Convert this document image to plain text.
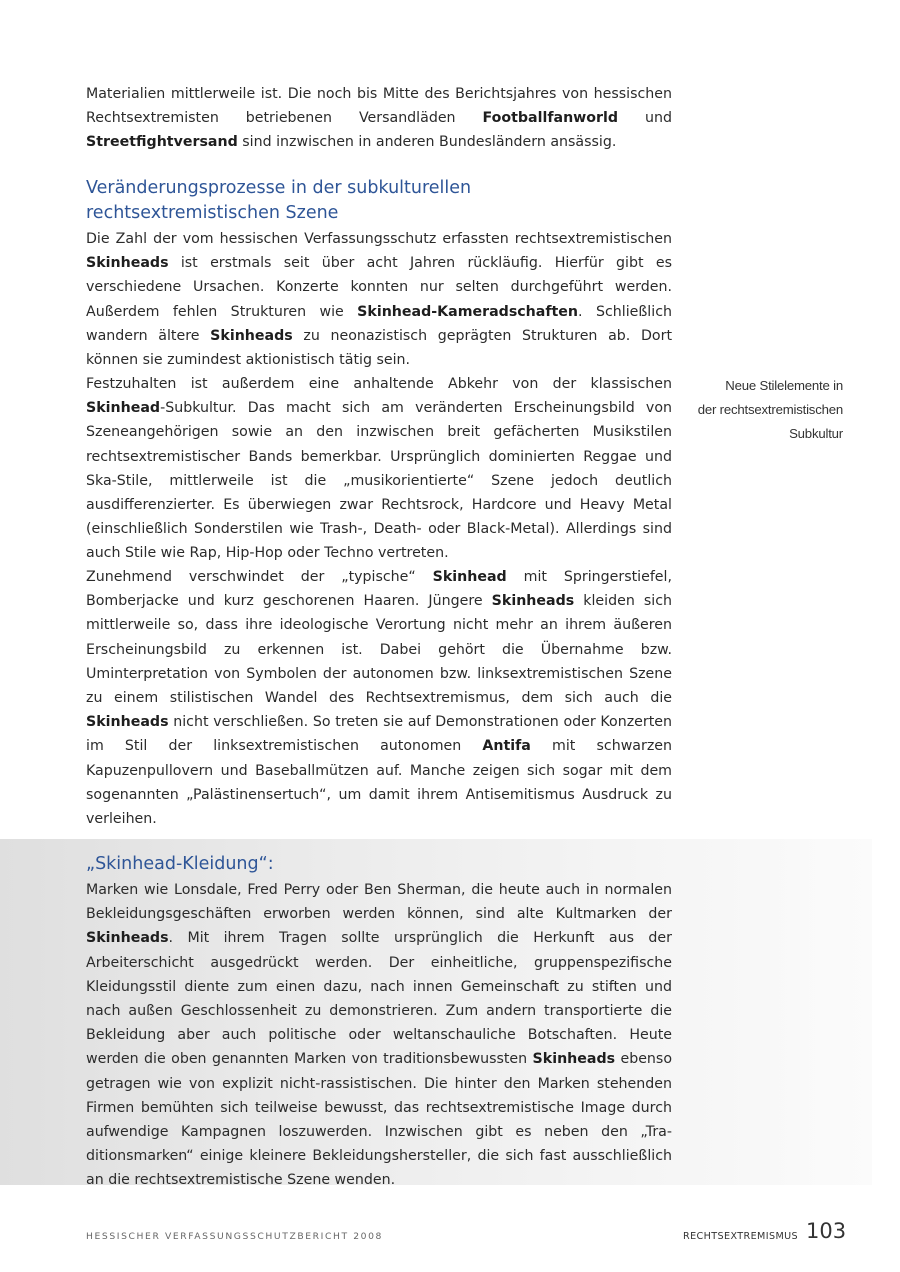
Materialien mittlerweile ist. Die noch bis Mitte des Berichtsjahres von hessischen Rechtsextremisten betriebenen Versandläden Footballfanworld und Streetfightversand sind inzwischen in anderen Bundesländern ansässig.

Veränderungsprozesse in der subkulturellen
rechtsextremistischen Szene

Die Zahl der vom hessischen Verfassungsschutz erfassten rechtsextremistischen Skinheads ist erstmals seit über acht Jahren rückläufig. Hierfür gibt es verschiedene Ursachen. Konzerte konnten nur selten durchgeführt werden. Außerdem fehlen Strukturen wie Skinhead-Kameradschaften. Schließlich wandern ältere Skinheads zu neonazistisch geprägten Strukturen ab. Dort können sie zumindest aktionistisch tätig sein.

Festzuhalten ist außerdem eine anhaltende Abkehr von der klassischen Skinhead-Subkultur. Das macht sich am veränderten Erscheinungsbild von Szeneangehörigen sowie an den inzwischen breit gefächerten Musikstilen rechtsextremistischer Bands bemerkbar. Ursprünglich dominierten Reggae und Ska-Stile, mittlerweile ist die „musikorientierte“ Szene jedoch deutlich ausdifferenzierter. Es überwiegen zwar Rechtsrock, Hardcore und Heavy Metal (einschließlich Sonderstilen wie Trash-, Death- oder Black-Metal). Allerdings sind auch Stile wie Rap, Hip-Hop oder Techno vertreten.

Neue Stilelemente in
der rechtsextremistischen
Subkultur

Zunehmend verschwindet der „typische“ Skinhead mit Springerstiefel, Bomberjacke und kurz geschorenen Haaren. Jüngere Skinheads kleiden sich mittlerweile so, dass ihre ideologische Verortung nicht mehr an ihrem äußeren Erscheinungsbild zu erkennen ist. Dabei gehört die Übernahme bzw. Uminterpretation von Symbolen der autonomen bzw. linksextremistischen Szene zu einem stilistischen Wandel des Rechtsextremismus, dem sich auch die Skinheads nicht verschließen. So treten sie auf Demonstrationen oder Konzerten im Stil der linksextremistischen autonomen Antifa mit schwarzen Kapuzenpullovern und Baseballmützen auf. Manche zeigen sich sogar mit dem sogenannten „Palästinensertuch“, um damit ihrem Antisemitismus Ausdruck zu verleihen.

„Skinhead-Kleidung“:

Marken wie Lonsdale, Fred Perry oder Ben Sherman, die heute auch in normalen Bekleidungsgeschäften erworben werden können, sind alte Kultmarken der Skinheads. Mit ihrem Tragen sollte ursprünglich die Herkunft aus der Arbeiterschicht ausgedrückt werden. Der einheitliche, gruppenspezifische Kleidungsstil diente zum einen dazu, nach innen Gemeinschaft zu stiften und nach außen Geschlossenheit zu demonstrieren. Zum andern transportierte die Bekleidung aber auch politische oder weltanschauliche Botschaften. Heute werden die oben genannten Marken von traditionsbewussten Skinheads ebenso getragen wie von explizit nicht-rassistischen. Die hinter den Marken stehenden Firmen bemühten sich teilweise bewusst, das rechtsextremistische Image durch aufwendige Kampagnen loszuwerden. Inzwischen gibt es neben den „Traditionsmarken“ einige kleinere Bekleidungshersteller, die sich fast ausschließlich an die rechtsextremistische Szene wenden.

HESSISCHER VERFASSUNGSSCHUTZBERICHT 2008	RECHTSEXTREMISMUS 103
